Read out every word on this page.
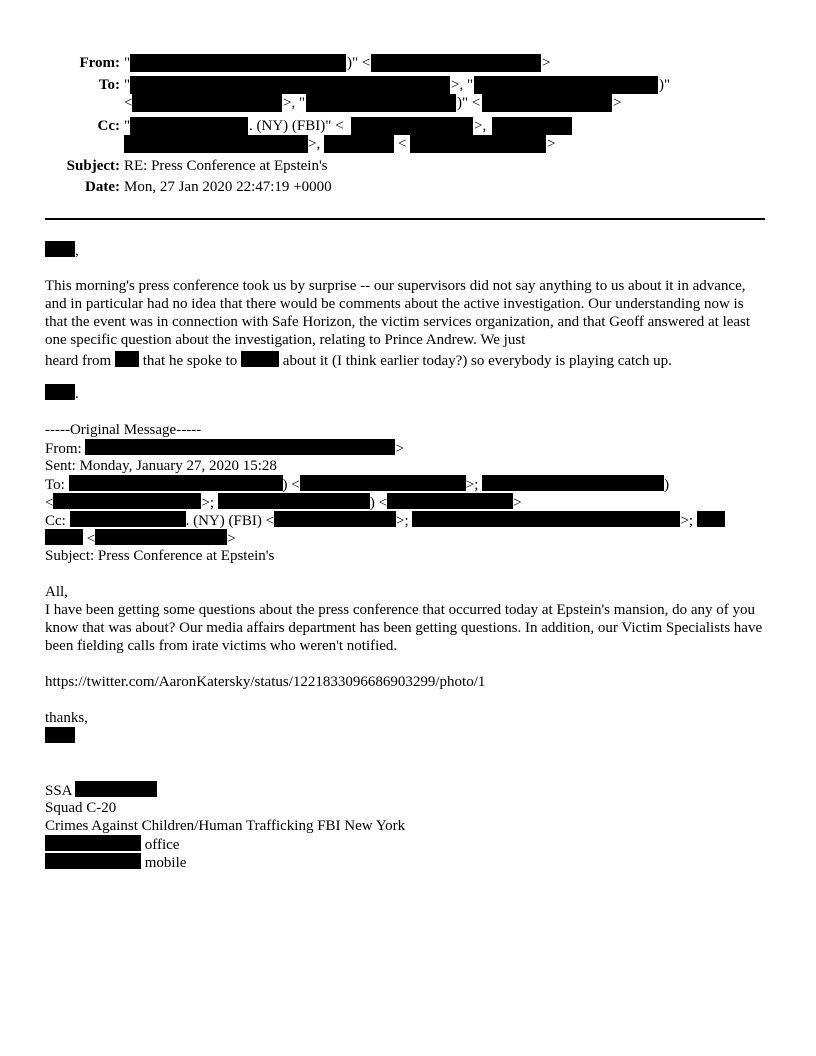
From: "	)" <	>
To: "	>, "	)"
<	>, "	)" <	>
Cc: "	. (NY) (FBI)" <	>,
>,	<	>
Subject: RE: Press Conference at Epstein's
Date: Mon, 27 Jan 2020 22:47:19 +0000
,
This morning's press conference took us by surprise -- our supervisors did not say anything to us about it in advance, and in particular had no idea that there would be comments about the active investigation. Our understanding now is that the event was in connection with Safe Horizon, the victim services organization, and that Geoff answered at least one specific question about the investigation, relating to Prince Andrew. We just
heard from that he spoke to	about it (I think earlier today?) so everybody is playing catch up.
.
-----Original Message-----
From:	>
Sent: Monday, January 27, 2020 15:28
To:	) <	>;	)
<	>;	) <	>
Cc:	. (NY) (FBI) <	>;	>;
<	>
Subject: Press Conference at Epstein's
All,
I have been getting some questions about the press conference that occurred today at Epstein's mansion, do any of you know that was about? Our media affairs department has been getting questions. In addition, our Victim Specialists have been fielding calls from irate victims who weren't notified.
https://twitter.com/AaronKatersky/status/1221833096686903299/photo/1
thanks,
SSA
Squad C-20
Crimes Against Children/Human Trafficking FBI New York
office
mobile
